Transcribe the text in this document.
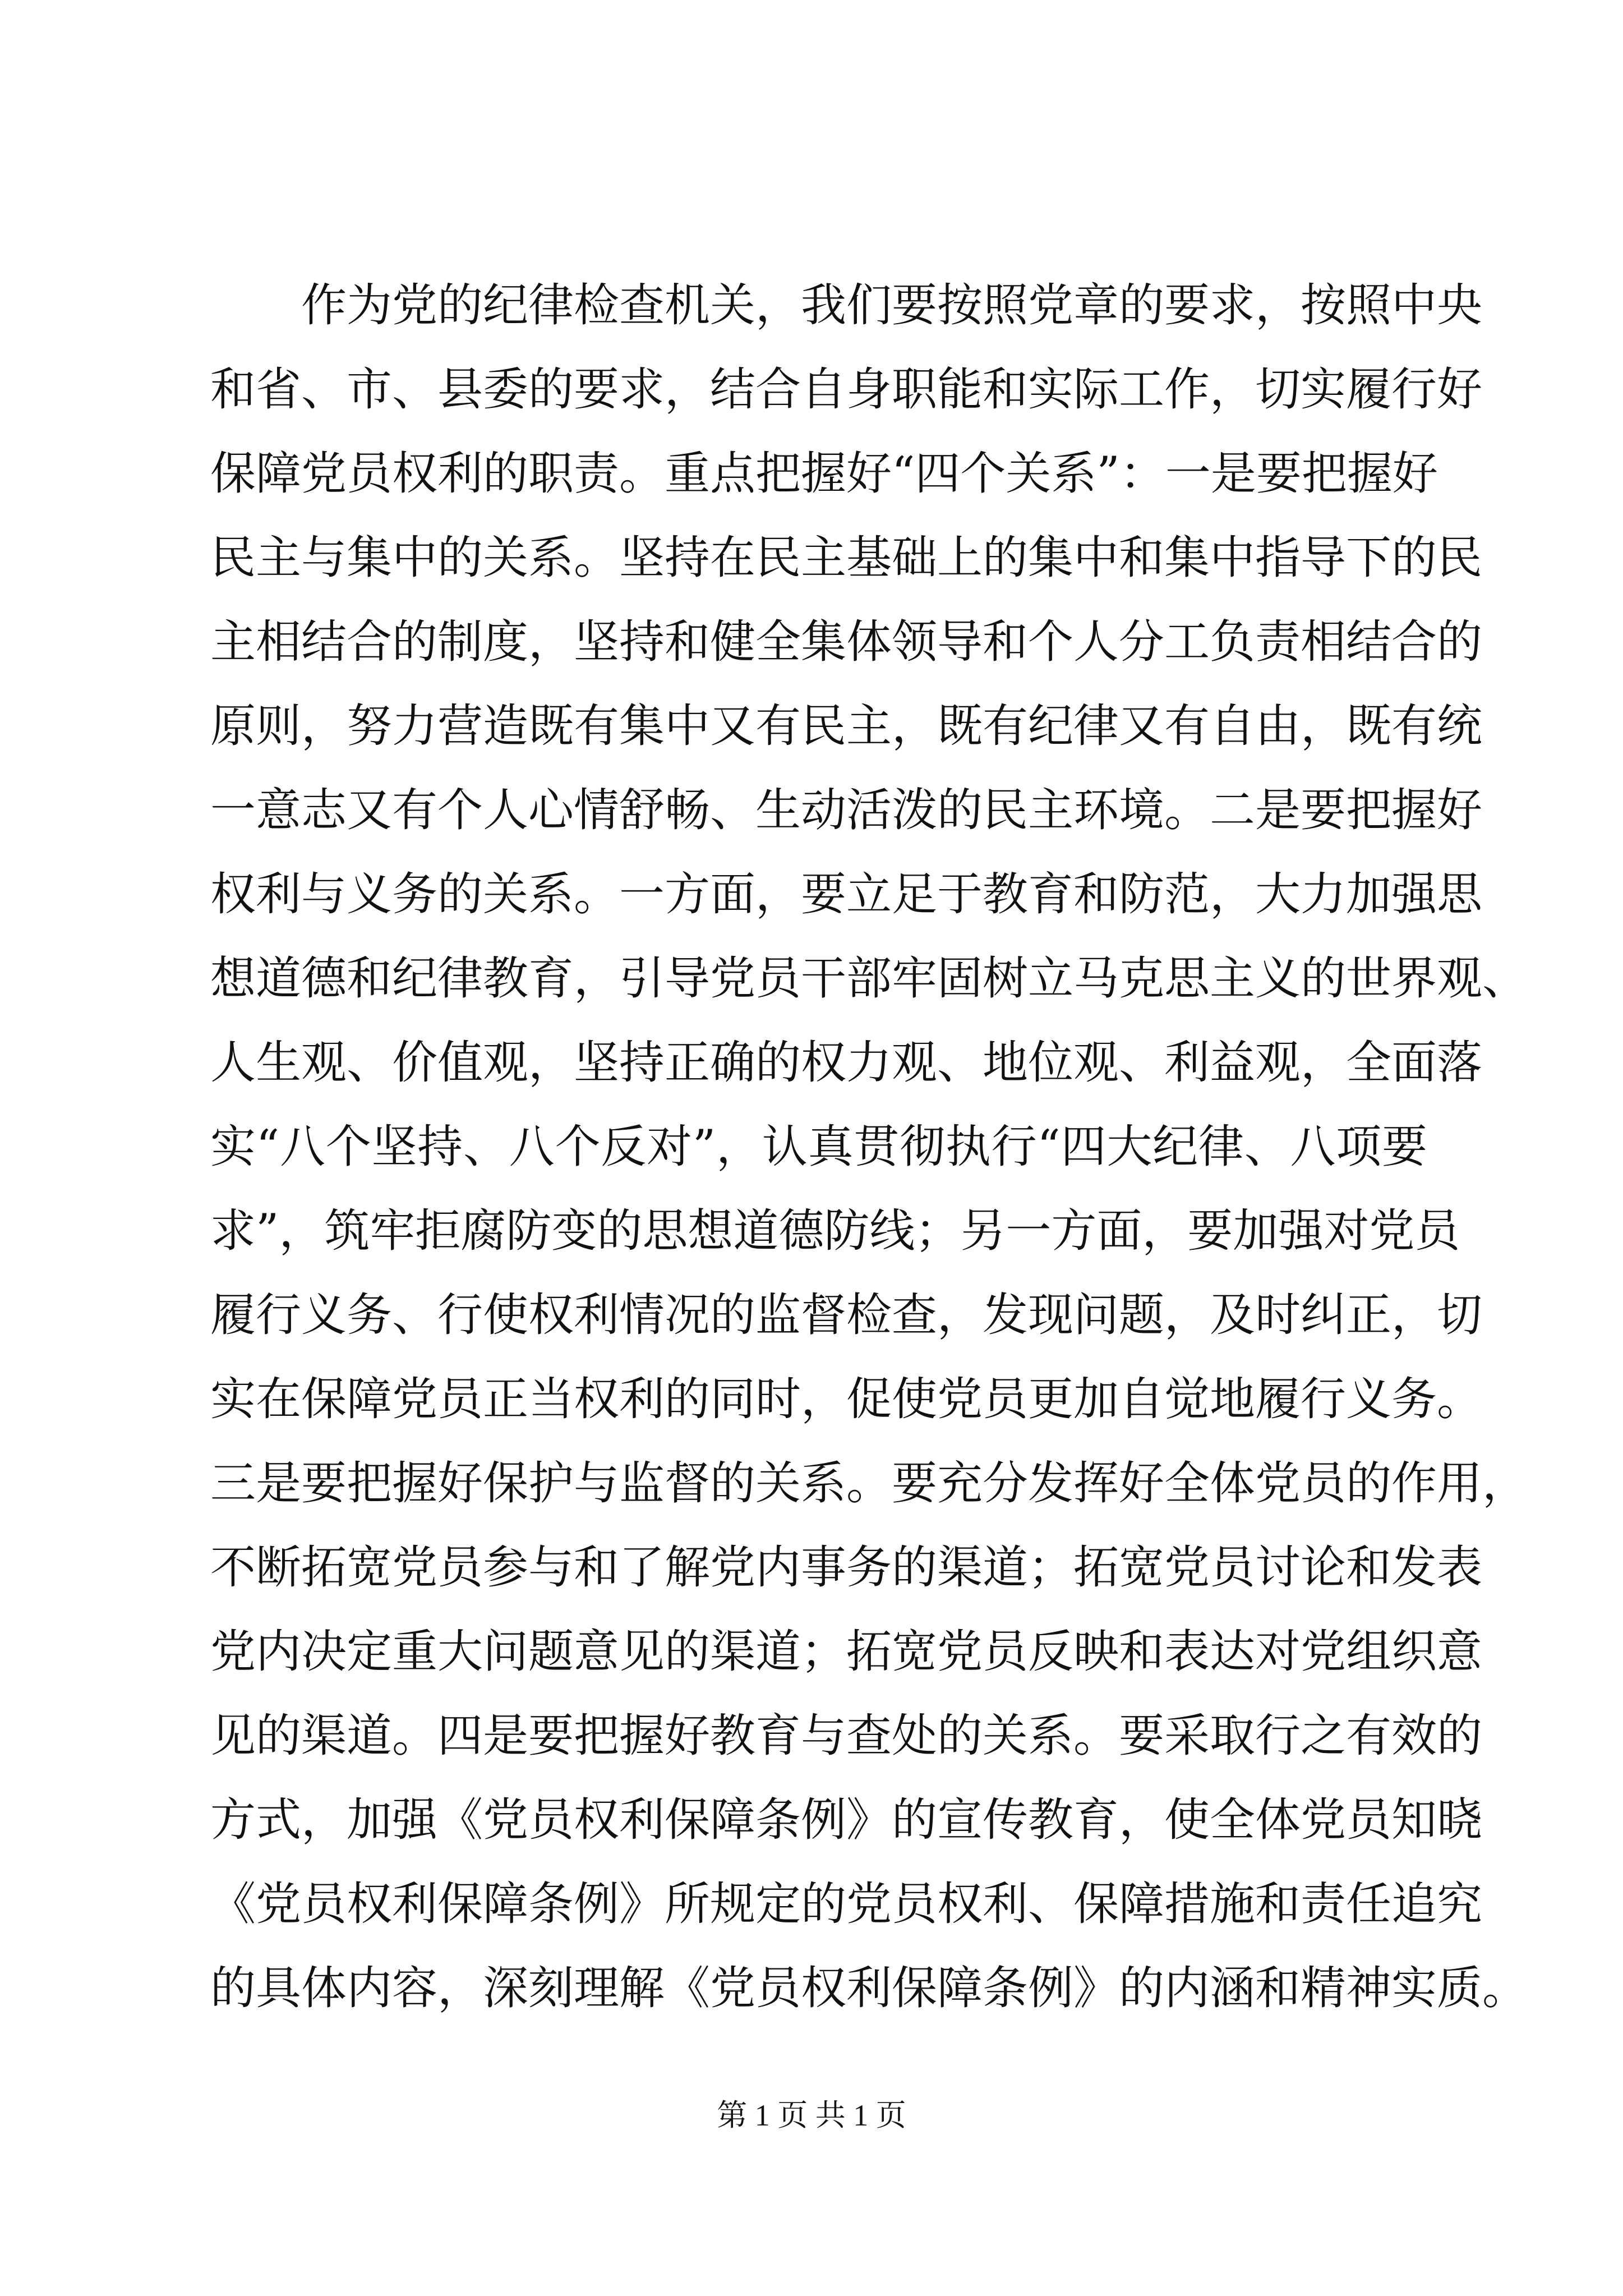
作为党的纪律检查机关，我们要按照党章的要求，按照中央
和省、市、县委的要求，结合自身职能和实际工作，切实履行好
保障党员权利的职责。重点把握好“四个关系”：一是要把握好
民主与集中的关系。坚持在民主基础上的集中和集中指导下的民
主相结合的制度，坚持和健全集体领导和个人分工负责相结合的
原则，努力营造既有集中又有民主，既有纪律又有自由，既有统
一意志又有个人心情舒畅、生动活泼的民主环境。二是要把握好
权利与义务的关系。一方面，要立足于教育和防范，大力加强思
想道德和纪律教育，引导党员干部牢固树立马克思主义的世界观、
人生观、价值观，坚持正确的权力观、地位观、利益观，全面落
实“八个坚持、八个反对”，认真贯彻执行“四大纪律、八项要
求”，筑牢拒腐防变的思想道德防线；另一方面，要加强对党员
履行义务、行使权利情况的监督检查，发现问题，及时纠正，切
实在保障党员正当权利的同时，促使党员更加自觉地履行义务。
三是要把握好保护与监督的关系。要充分发挥好全体党员的作用，
不断拓宽党员参与和了解党内事务的渠道；拓宽党员讨论和发表
党内决定重大问题意见的渠道；拓宽党员反映和表达对党组织意
见的渠道。四是要把握好教育与查处的关系。要采取行之有效的
方式，加强《党员权利保障条例》的宣传教育，使全体党员知晓
《党员权利保障条例》所规定的党员权利、保障措施和责任追究
的具体内容，深刻理解《党员权利保障条例》的内涵和精神实质。
第 1 页 共 1 页
